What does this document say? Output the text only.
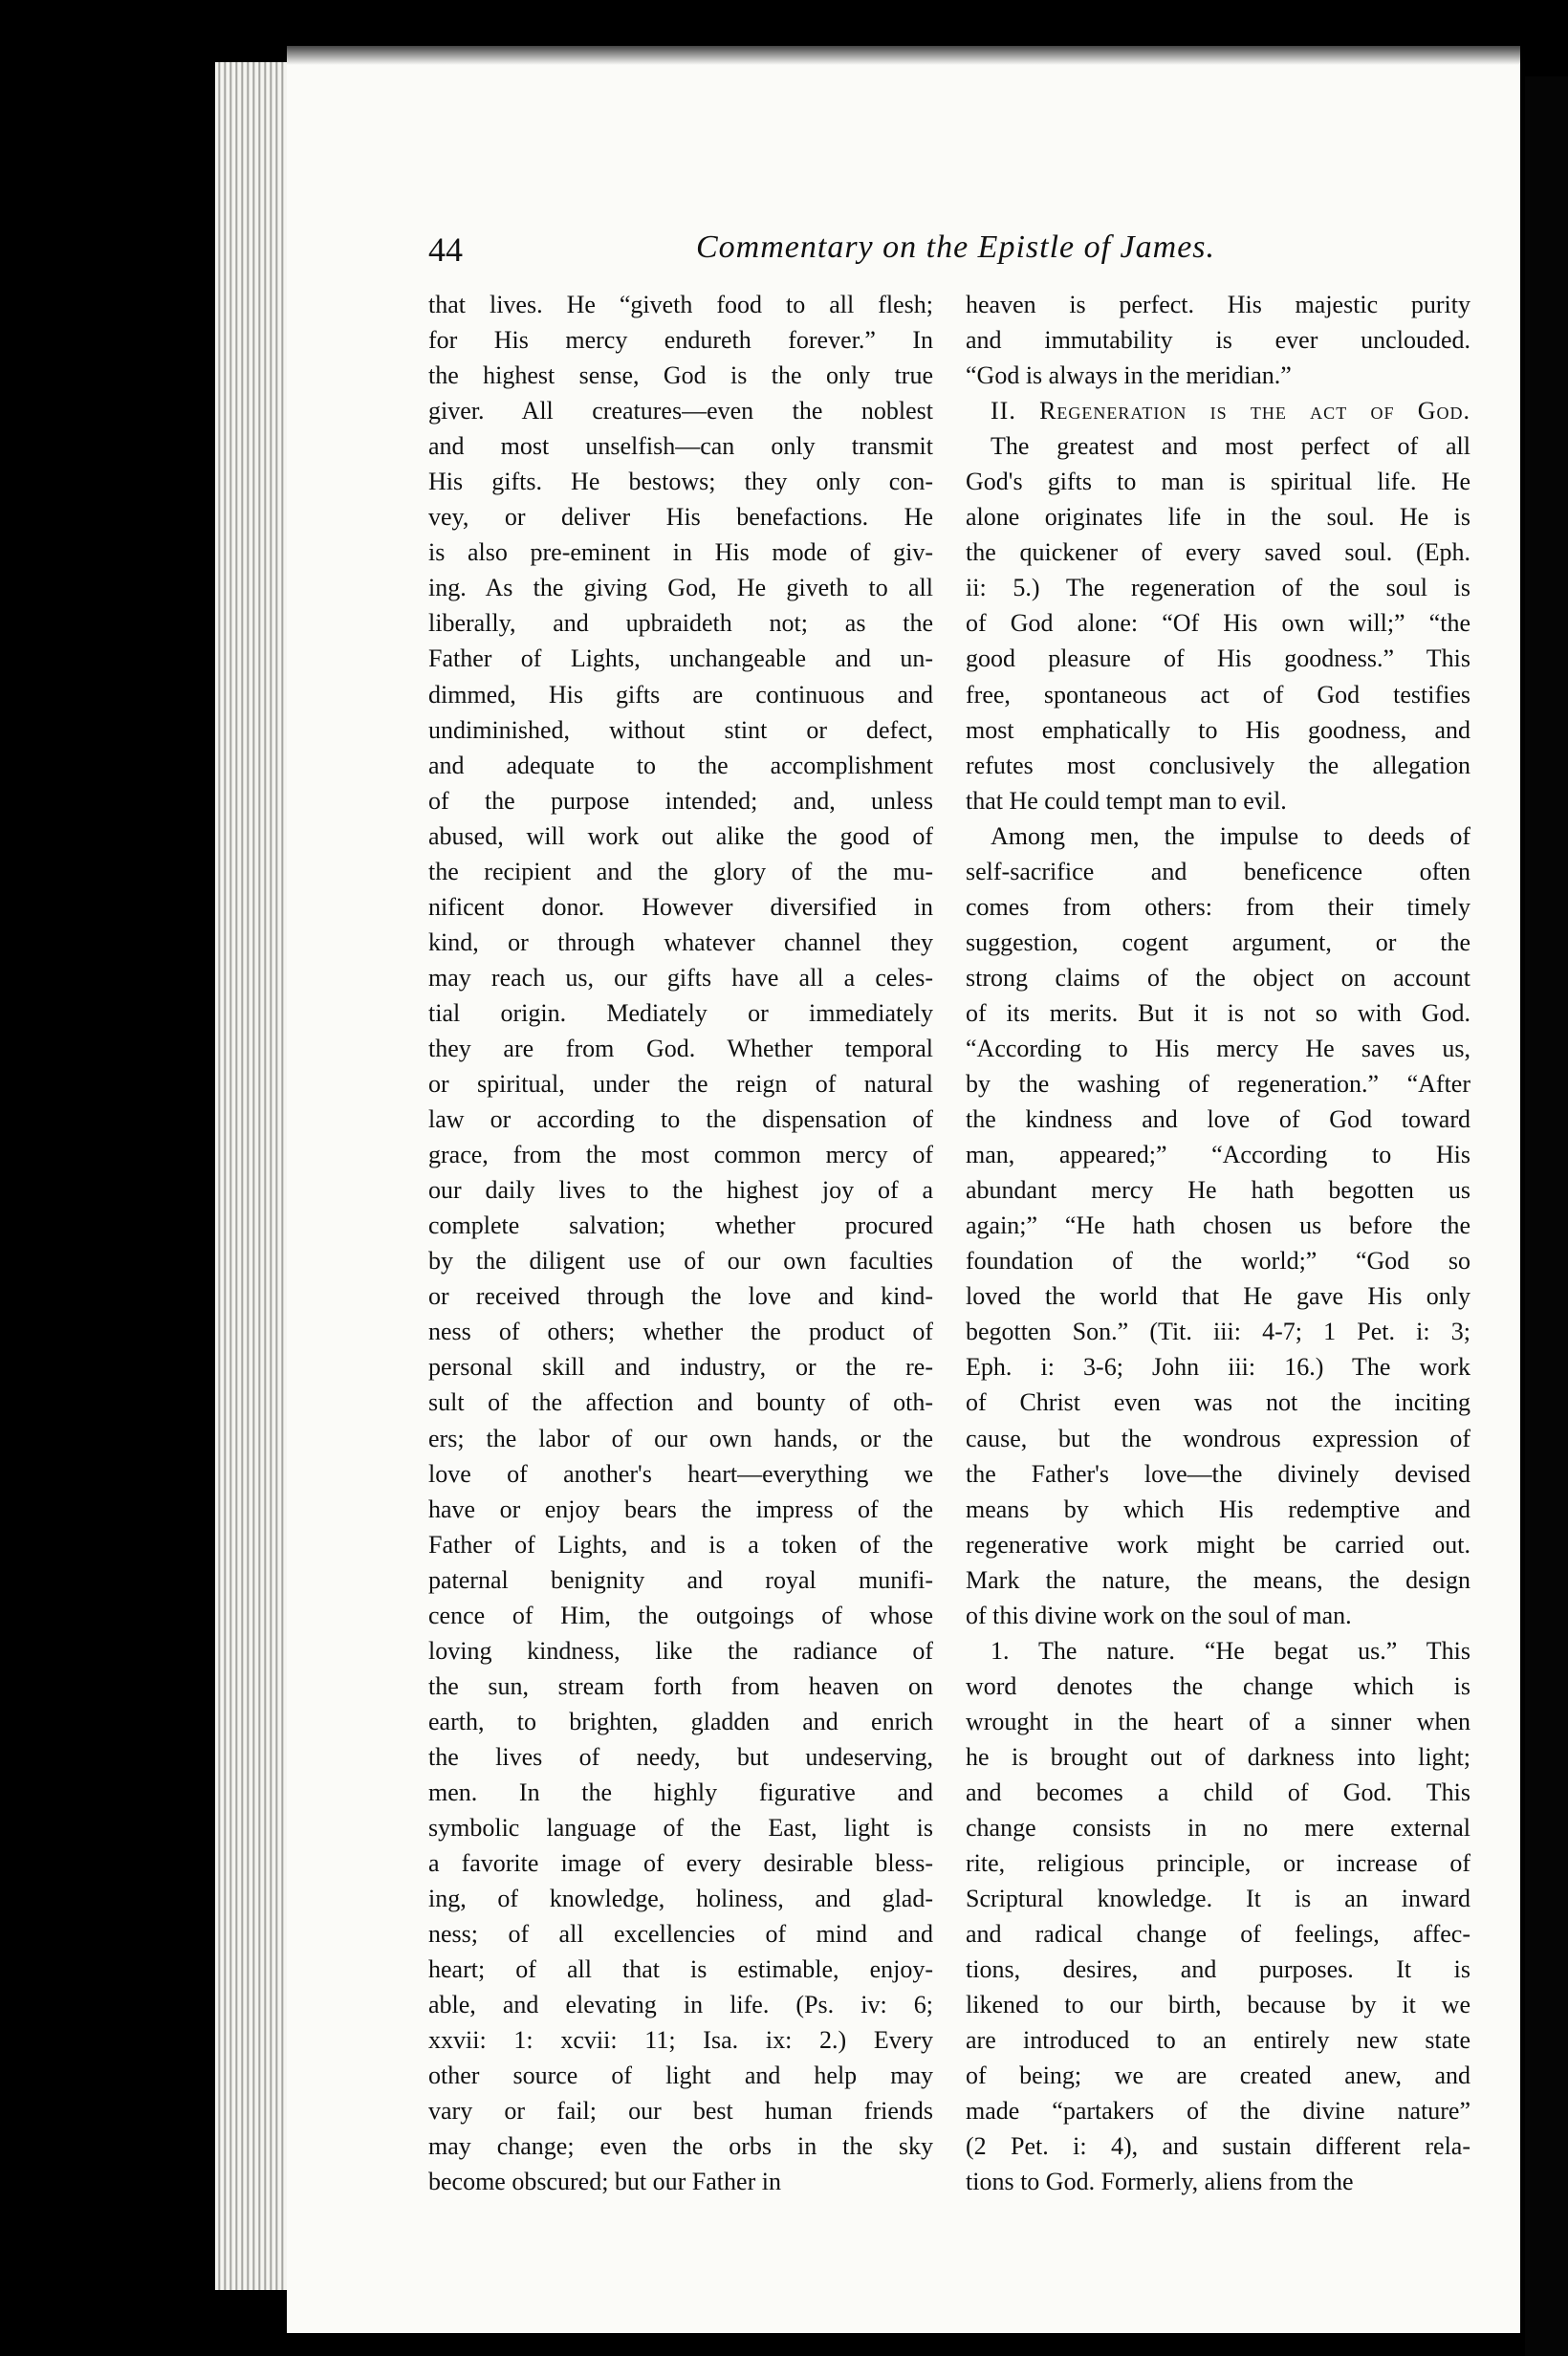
44	Commentary on the Epistle of James.
that lives. He “giveth food to all flesh;
for His mercy endureth forever.” In
the highest sense, God is the only true
giver. All creatures—even the noblest
and most unselfish—can only transmit
His gifts. He bestows; they only con-
vey, or deliver His benefactions. He
is also pre-eminent in His mode of giv-
ing. As the giving God, He giveth to all
liberally, and upbraideth not; as the
Father of Lights, unchangeable and un-
dimmed, His gifts are continuous and
undiminished, without stint or defect,
and adequate to the accomplishment
of the purpose intended; and, unless
abused, will work out alike the good of
the recipient and the glory of the mu-
nificent donor. However diversified in
kind, or through whatever channel they
may reach us, our gifts have all a celes-
tial origin. Mediately or immediately
they are from God. Whether temporal
or spiritual, under the reign of natural
law or according to the dispensation of
grace, from the most common mercy of
our daily lives to the highest joy of a
complete salvation; whether procured
by the diligent use of our own faculties
or received through the love and kind-
ness of others; whether the product of
personal skill and industry, or the re-
sult of the affection and bounty of oth-
ers; the labor of our own hands, or the
love of another's heart—everything we
have or enjoy bears the impress of the
Father of Lights, and is a token of the
paternal benignity and royal munifi-
cence of Him, the outgoings of whose
loving kindness, like the radiance of
the sun, stream forth from heaven on
earth, to brighten, gladden and enrich
the lives of needy, but undeserving,
men. In the highly figurative and
symbolic language of the East, light is
a favorite image of every desirable bless-
ing, of knowledge, holiness, and glad-
ness; of all excellencies of mind and
heart; of all that is estimable, enjoy-
able, and elevating in life. (Ps. iv: 6;
xxvii: 1: xcvii: 11; Isa. ix: 2.) Every
other source of light and help may
vary or fail; our best human friends
may change; even the orbs in the sky
become obscured; but our Father in
heaven is perfect. His majestic purity
and immutability is ever unclouded.
“God is always in the meridian.”
II. Regeneration is the act of God.
The greatest and most perfect of all
God's gifts to man is spiritual life. He
alone originates life in the soul. He is
the quickener of every saved soul. (Eph.
ii: 5.) The regeneration of the soul is
of God alone: “Of His own will;” “the
good pleasure of His goodness.” This
free, spontaneous act of God testifies
most emphatically to His goodness, and
refutes most conclusively the allegation
that He could tempt man to evil.
Among men, the impulse to deeds of
self-sacrifice and beneficence often
comes from others: from their timely
suggestion, cogent argument, or the
strong claims of the object on account
of its merits. But it is not so with God.
“According to His mercy He saves us,
by the washing of regeneration.” “After
the kindness and love of God toward
man, appeared;” “According to His
abundant mercy He hath begotten us
again;” “He hath chosen us before the
foundation of the world;” “God so
loved the world that He gave His only
begotten Son.” (Tit. iii: 4-7; 1 Pet. i: 3;
Eph. i: 3-6; John iii: 16.) The work
of Christ even was not the inciting
cause, but the wondrous expression of
the Father's love—the divinely devised
means by which His redemptive and
regenerative work might be carried out.
Mark the nature, the means, the design
of this divine work on the soul of man.
1. The nature. “He begat us.” This
word denotes the change which is
wrought in the heart of a sinner when
he is brought out of darkness into light;
and becomes a child of God. This
change consists in no mere external
rite, religious principle, or increase of
Scriptural knowledge. It is an inward
and radical change of feelings, affec-
tions, desires, and purposes. It is
likened to our birth, because by it we
are introduced to an entirely new state
of being; we are created anew, and
made “partakers of the divine nature”
(2 Pet. i: 4), and sustain different rela-
tions to God. Formerly, aliens from the
